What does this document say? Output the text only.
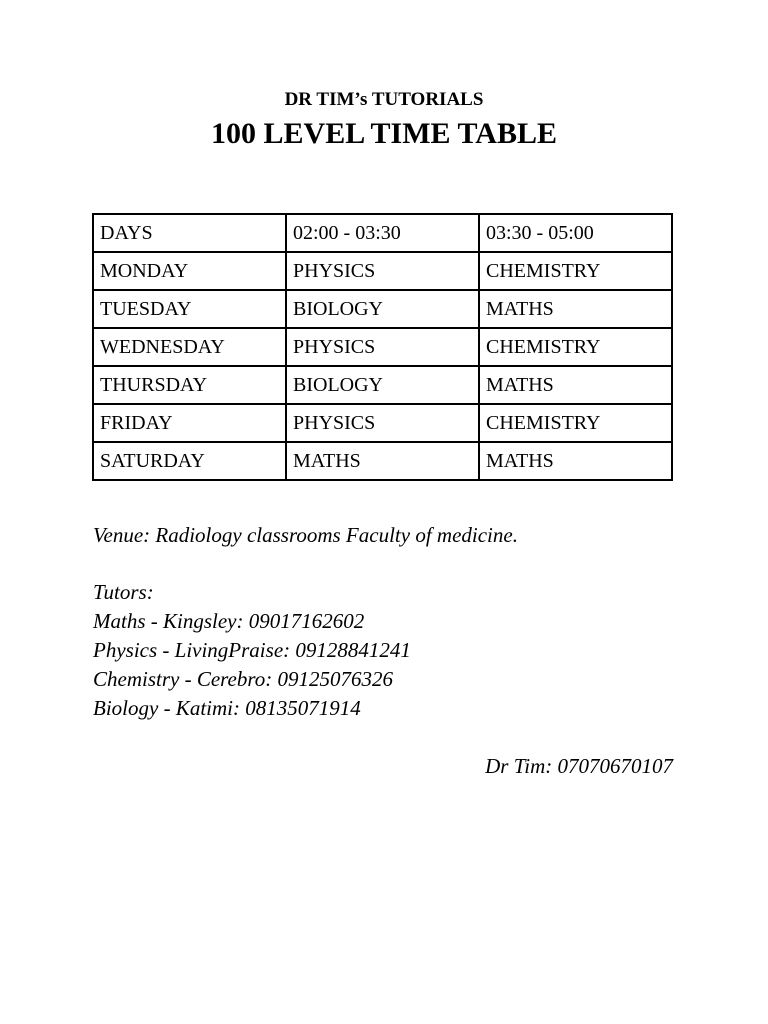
DR TIM’s TUTORIALS
100 LEVEL TIME TABLE
DAYS	02:00 - 03:30	03:30 - 05:00
MONDAY	PHYSICS	CHEMISTRY
TUESDAY	BIOLOGY	MATHS
WEDNESDAY	PHYSICS	CHEMISTRY
THURSDAY	BIOLOGY	MATHS
FRIDAY	PHYSICS	CHEMISTRY
SATURDAY	MATHS	MATHS
Venue: Radiology classrooms Faculty of medicine.
Tutors:
Maths - Kingsley: 09017162602
Physics - LivingPraise: 09128841241
Chemistry - Cerebro: 09125076326
Biology - Katimi: 08135071914
Dr Tim: 07070670107
